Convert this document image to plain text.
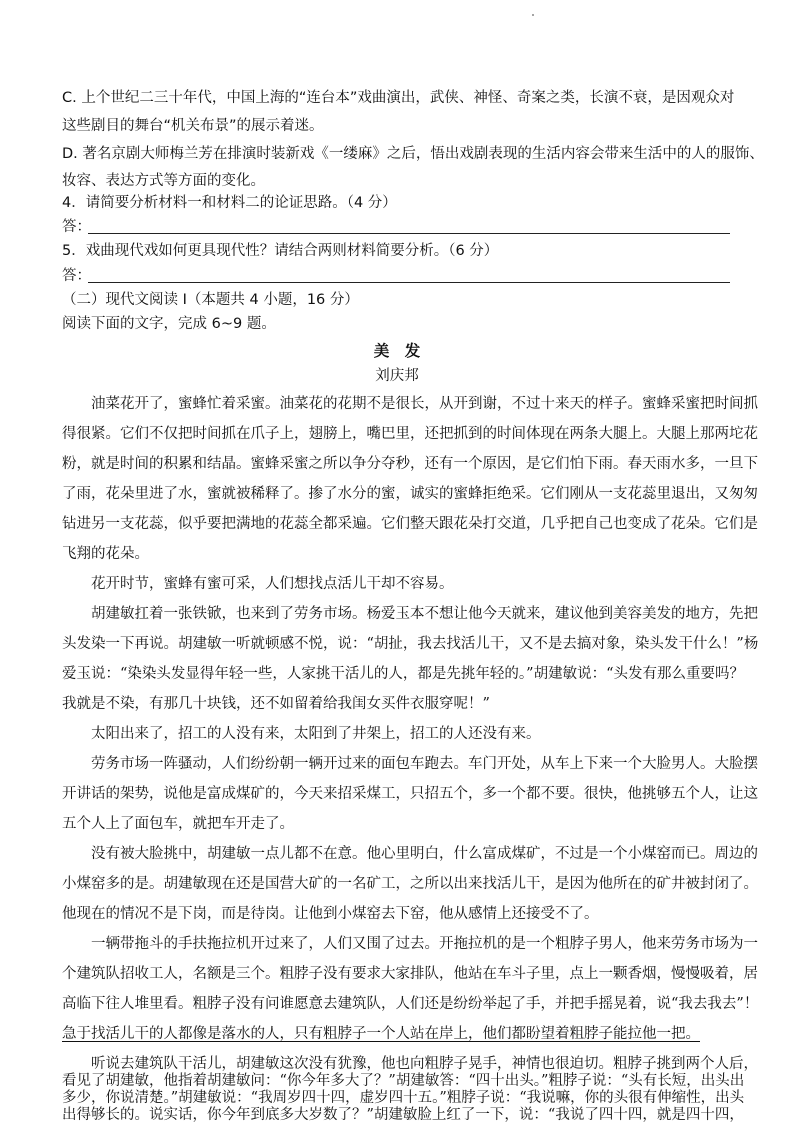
C. 上个世纪二三十年代，中国上海的“连台本”戏曲演出，武侠、神怪、奇案之类，长演不衰，是因观众对
这些剧目的舞台“机关布景”的展示着迷。
D. 著名京剧大师梅兰芳在排演时装新戏《一缕麻》之后，悟出戏剧表现的生活内容会带来生活中的人的服饰、
妆容、表达方式等方面的变化。
4．请简要分析材料一和材料二的论证思路。（4 分）
答：
5．戏曲现代戏如何更具现代性？请结合两则材料简要分析。（6 分）
答：
（二）现代文阅读 I（本题共 4 小题，16 分）
阅读下面的文字，完成 6~9 题。
美　发
刘庆邦
　　油菜花开了，蜜蜂忙着采蜜。油菜花的花期不是很长，从开到谢，不过十来天的样子。蜜蜂采蜜把时间抓
得很紧。它们不仅把时间抓在爪子上，翅膀上，嘴巴里，还把抓到的时间体现在两条大腿上。大腿上那两坨花
粉，就是时间的积累和结晶。蜜蜂采蜜之所以争分夺秒，还有一个原因，是它们怕下雨。春天雨水多，一旦下
了雨，花朵里进了水，蜜就被稀释了。掺了水分的蜜，诚实的蜜蜂拒绝采。它们刚从一支花蕊里退出，又匆匆
钻进另一支花蕊，似乎要把满地的花蕊全都采遍。它们整天跟花朵打交道，几乎把自己也变成了花朵。它们是
飞翔的花朵。
　　花开时节，蜜蜂有蜜可采，人们想找点活儿干却不容易。
　　胡建敏扛着一张铁锨，也来到了劳务市场。杨爱玉本不想让他今天就来，建议他到美容美发的地方，先把
头发染一下再说。胡建敏一听就顿感不悦，说：“胡扯，我去找活儿干，又不是去搞对象，染头发干什么！”杨
爱玉说：“染染头发显得年轻一些，人家挑干活儿的人，都是先挑年轻的。”胡建敏说：“头发有那么重要吗？
我就是不染，有那几十块钱，还不如留着给我闺女买件衣服穿呢！”
　　太阳出来了，招工的人没有来，太阳到了井架上，招工的人还没有来。
　　劳务市场一阵骚动，人们纷纷朝一辆开过来的面包车跑去。车门开处，从车上下来一个大脸男人。大脸摆
开讲话的架势，说他是富成煤矿的，今天来招采煤工，只招五个，多一个都不要。很快，他挑够五个人，让这
五个人上了面包车，就把车开走了。
　　没有被大脸挑中，胡建敏一点儿都不在意。他心里明白，什么富成煤矿，不过是一个小煤窑而已。周边的
小煤窑多的是。胡建敏现在还是国营大矿的一名矿工，之所以出来找活儿干，是因为他所在的矿井被封闭了。
他现在的情况不是下岗，而是待岗。让他到小煤窑去下窑，他从感情上还接受不了。
　　一辆带拖斗的手扶拖拉机开过来了，人们又围了过去。开拖拉机的是一个粗脖子男人，他来劳务市场为一
个建筑队招收工人，名额是三个。粗脖子没有要求大家排队，他站在车斗子里，点上一颗香烟，慢慢吸着，居
高临下往人堆里看。粗脖子没有问谁愿意去建筑队，人们还是纷纷举起了手，并把手摇晃着，说“我去我去”！
急于找活儿干的人都像是落水的人，只有粗脖子一个人站在岸上，他们都盼望着粗脖子能拉他一把。
　　听说去建筑队干活儿，胡建敏这次没有犹豫，他也向粗脖子晃手，神情也很迫切。粗脖子挑到两个人后，
看见了胡建敏，他指着胡建敏问：“你今年多大了？”胡建敏答：“四十出头。”粗脖子说：“头有长短，出头出
多少，你说清楚。”胡建敏说：“我周岁四十四，虚岁四十五。”粗脖子说：“我说嘛，你的头很有伸缩性，出头
出得够长的。说实话，你今年到底多大岁数了？”胡建敏脸上红了一下，说：“我说了四十四，就是四十四，
